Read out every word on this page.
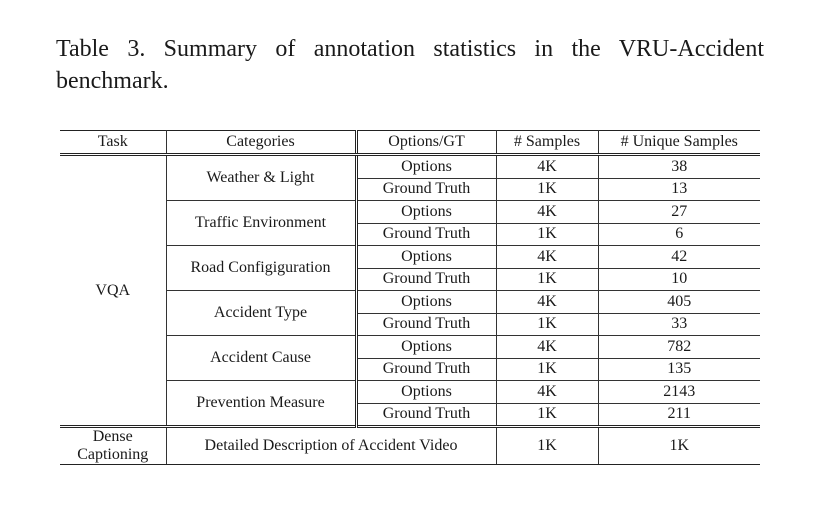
Table 3. Summary of annotation statistics in the VRU-Accident benchmark.
Task	Categories	Options/GT	# Samples	# Unique Samples
VQA	Weather & Light	Options	4K	38
		Ground Truth	1K	13
	Traffic Environment	Options	4K	27
		Ground Truth	1K	6
	Road Configiguration	Options	4K	42
		Ground Truth	1K	10
	Accident Type	Options	4K	405
		Ground Truth	1K	33
	Accident Cause	Options	4K	782
		Ground Truth	1K	135
	Prevention Measure	Options	4K	2143
		Ground Truth	1K	211
Dense Captioning	Detailed Description of Accident Video		1K	1K
